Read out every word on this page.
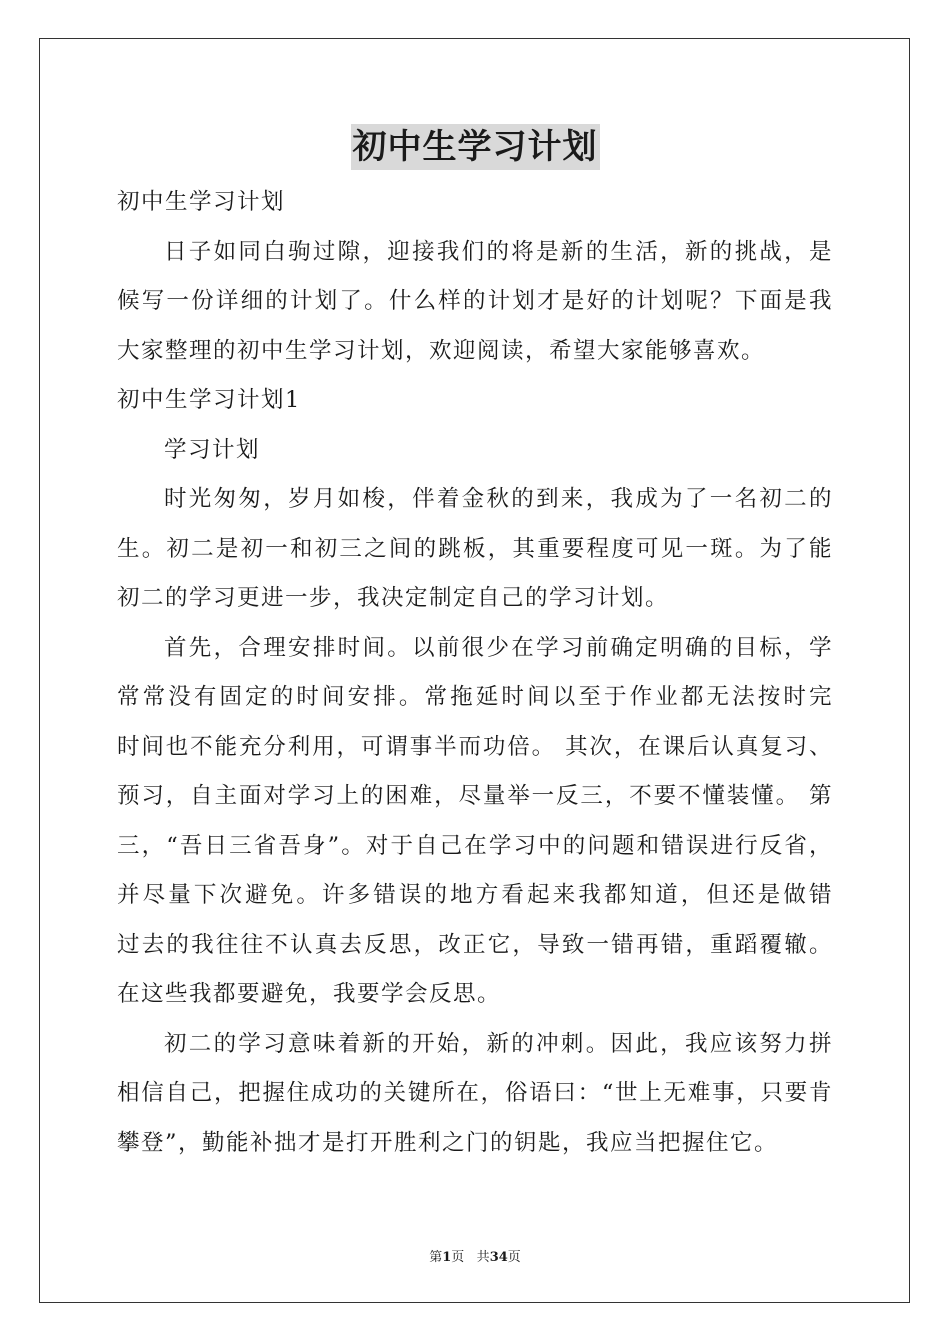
初中生学习计划
初中生学习计划
日子如同白驹过隙，迎接我们的将是新的生活，新的挑战，是
候写一份详细的计划了。什么样的计划才是好的计划呢？下面是我
大家整理的初中生学习计划，欢迎阅读，希望大家能够喜欢。
初中生学习计划1
学习计划
时光匆匆，岁月如梭，伴着金秋的到来，我成为了一名初二的
生。初二是初一和初三之间的跳板，其重要程度可见一斑。为了能
初二的学习更进一步，我决定制定自己的学习计划。
首先，合理安排时间。以前很少在学习前确定明确的目标，学
常常没有固定的时间安排。常拖延时间以至于作业都无法按时完
时间也不能充分利用，可谓事半而功倍。 其次，在课后认真复习、
预习，自主面对学习上的困难，尽量举一反三，不要不懂装懂。 第
三，“吾日三省吾身”。对于自己在学习中的问题和错误进行反省，
并尽量下次避免。许多错误的地方看起来我都知道，但还是做错
过去的我往往不认真去反思，改正它，导致一错再错，重蹈覆辙。
在这些我都要避免，我要学会反思。
初二的学习意味着新的开始，新的冲刺。因此，我应该努力拼
相信自己，把握住成功的关键所在，俗语曰：“世上无难事，只要肯
攀登”，勤能补拙才是打开胜利之门的钥匙，我应当把握住它。
第1页 共34页
